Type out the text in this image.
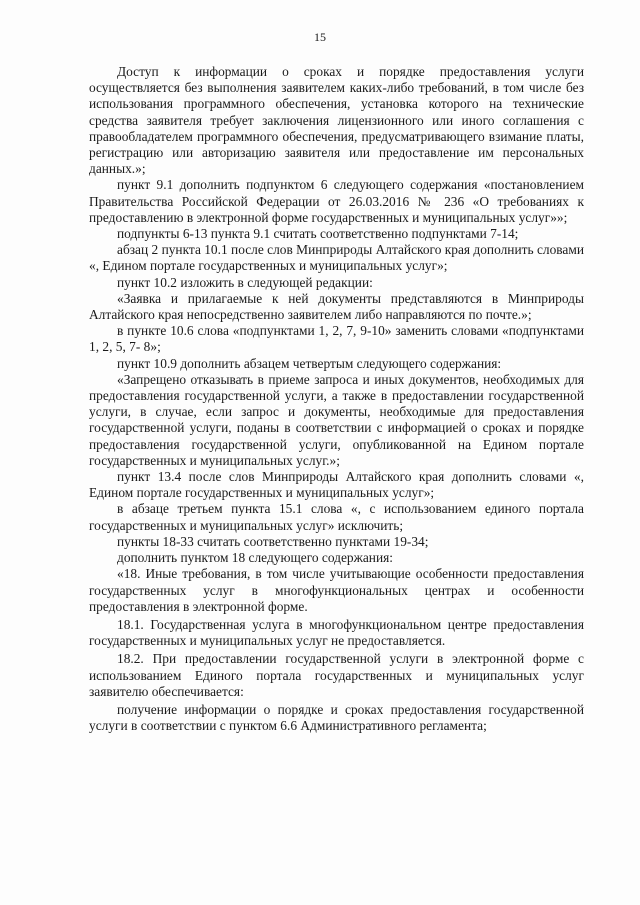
15

Доступ к информации о сроках и порядке предоставления услуги осуществляется без выполнения заявителем каких-либо требований, в том числе без использования программного обеспечения, установка которого на технические средства заявителя требует заключения лицензионного или иного соглашения с правообладателем программного обеспечения, предусматривающего взимание платы, регистрацию или авторизацию заявителя или предоставление им персональных данных.»;

пункт 9.1 дополнить подпунктом 6 следующего содержания «постановлением Правительства Российской Федерации от 26.03.2016 № 236 «О требованиях к предоставлению в электронной форме государственных и муниципальных услуг»»;

подпункты 6-13 пункта 9.1 считать соответственно подпунктами 7-14;

абзац 2 пункта 10.1 после слов Минприроды Алтайского края дополнить словами «, Едином портале государственных и муниципальных услуг»;

пункт 10.2 изложить в следующей редакции:

«Заявка и прилагаемые к ней документы представляются в Минприроды Алтайского края непосредственно заявителем либо направляются по почте.»;

в пункте 10.6 слова «подпунктами 1, 2, 7, 9-10» заменить словами «подпунктами 1, 2, 5, 7- 8»;

пункт 10.9 дополнить абзацем четвертым следующего содержания:

«Запрещено отказывать в приеме запроса и иных документов, необходимых для предоставления государственной услуги, а также в предоставлении государственной услуги, в случае, если запрос и документы, необходимые для предоставления государственной услуги, поданы в соответствии с информацией о сроках и порядке предоставления государственной услуги, опубликованной на Едином портале государственных и муниципальных услуг.»;

пункт 13.4 после слов Минприроды Алтайского края дополнить словами «, Едином портале государственных и муниципальных услуг»;

в абзаце третьем пункта 15.1 слова «, с использованием единого портала государственных и муниципальных услуг» исключить;

пункты 18-33 считать соответственно пунктами 19-34;

дополнить пунктом 18 следующего содержания:

«18. Иные требования, в том числе учитывающие особенности предоставления государственных услуг в многофункциональных центрах и особенности предоставления в электронной форме.

18.1. Государственная услуга в многофункциональном центре предоставления государственных и муниципальных услуг не предоставляется.

18.2. При предоставлении государственной услуги в электронной форме с использованием Единого портала государственных и муниципальных услуг заявителю обеспечивается:

получение информации о порядке и сроках предоставления государственной услуги в соответствии с пунктом 6.6 Административного регламента;
